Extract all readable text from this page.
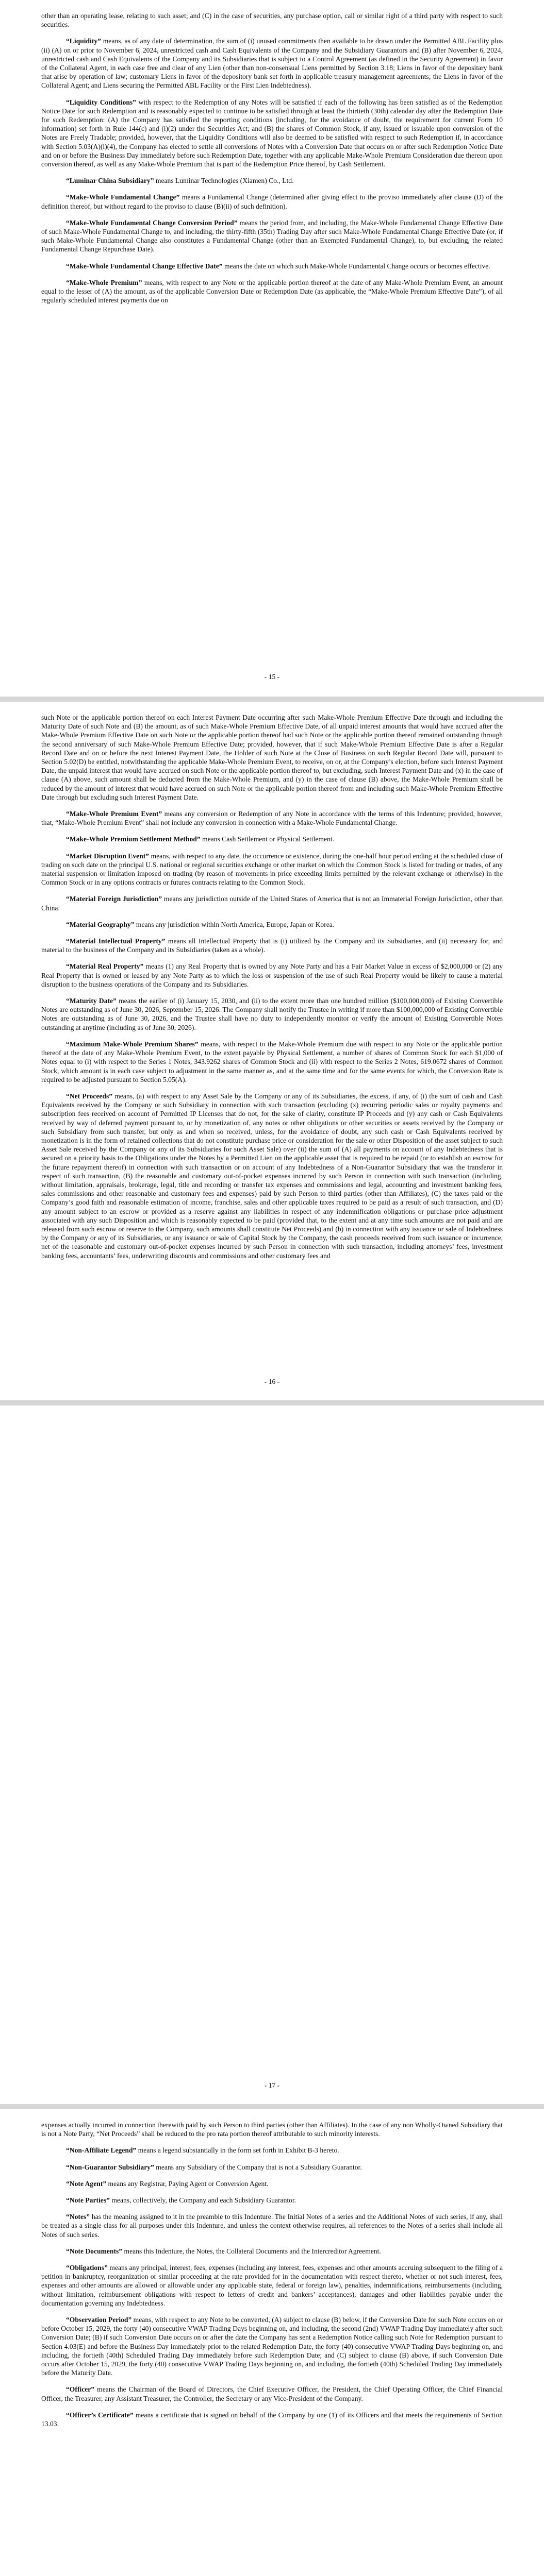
other than an operating lease, relating to such asset; and (C) in the case of securities, any purchase option, call or similar right of a third party with respect to such securities.

“Liquidity” means, as of any date of determination, the sum of (i) unused commitments then available to be drawn under the Permitted ABL Facility plus (ii) (A) on or prior to November 6, 2024, unrestricted cash and Cash Equivalents of the Company and the Subsidiary Guarantors and (B) after November 6, 2024, unrestricted cash and Cash Equivalents of the Company and its Subsidiaries that is subject to a Control Agreement (as defined in the Security Agreement) in favor of the Collateral Agent, in each case free and clear of any Lien (other than non-consensual Liens permitted by Section 3.18; Liens in favor of the depositary bank that arise by operation of law; customary Liens in favor of the depository bank set forth in applicable treasury management agreements; the Liens in favor of the Collateral Agent; and Liens securing the Permitted ABL Facility or the First Lien Indebtedness).

“Liquidity Conditions” with respect to the Redemption of any Notes will be satisfied if each of the following has been satisfied as of the Redemption Notice Date for such Redemption and is reasonably expected to continue to be satisfied through at least the thirtieth (30th) calendar day after the Redemption Date for such Redemption: (A) the Company has satisfied the reporting conditions (including, for the avoidance of doubt, the requirement for current Form 10 information) set forth in Rule 144(c) and (i)(2) under the Securities Act; and (B) the shares of Common Stock, if any, issued or issuable upon conversion of the Notes are Freely Tradable; provided, however, that the Liquidity Conditions will also be deemed to be satisfied with respect to such Redemption if, in accordance with Section 5.03(A)(i)(4), the Company has elected to settle all conversions of Notes with a Conversion Date that occurs on or after such Redemption Notice Date and on or before the Business Day immediately before such Redemption Date, together with any applicable Make-Whole Premium Consideration due thereon upon conversion thereof, as well as any Make-Whole Premium that is part of the Redemption Price thereof, by Cash Settlement.

“Luminar China Subsidiary” means Luminar Technologies (Xiamen) Co., Ltd.

“Make-Whole Fundamental Change” means a Fundamental Change (determined after giving effect to the proviso immediately after clause (D) of the definition thereof, but without regard to the proviso to clause (B)(ii) of such definition).

“Make-Whole Fundamental Change Conversion Period” means the period from, and including, the Make-Whole Fundamental Change Effective Date of such Make-Whole Fundamental Change to, and including, the thirty-fifth (35th) Trading Day after such Make-Whole Fundamental Change Effective Date (or, if such Make-Whole Fundamental Change also constitutes a Fundamental Change (other than an Exempted Fundamental Change), to, but excluding, the related Fundamental Change Repurchase Date).

“Make-Whole Fundamental Change Effective Date” means the date on which such Make-Whole Fundamental Change occurs or becomes effective.

“Make-Whole Premium” means, with respect to any Note or the applicable portion thereof at the date of any Make-Whole Premium Event, an amount equal to the lesser of (A) the amount, as of the applicable Conversion Date or Redemption Date (as applicable, the “Make-Whole Premium Effective Date”), of all regularly scheduled interest payments due on

- 15 -

such Note or the applicable portion thereof on each Interest Payment Date occurring after such Make-Whole Premium Effective Date through and including the Maturity Date of such Note and (B) the amount, as of such Make-Whole Premium Effective Date, of all unpaid interest amounts that would have accrued after the Make-Whole Premium Effective Date on such Note or the applicable portion thereof had such Note or the applicable portion thereof remained outstanding through the second anniversary of such Make-Whole Premium Effective Date; provided, however, that if such Make-Whole Premium Effective Date is after a Regular Record Date and on or before the next Interest Payment Date, the Holder of such Note at the Close of Business on such Regular Record Date will, pursuant to Section 5.02(D) be entitled, notwithstanding the applicable Make-Whole Premium Event, to receive, on or, at the Company’s election, before such Interest Payment Date, the unpaid interest that would have accrued on such Note or the applicable portion thereof to, but excluding, such Interest Payment Date and (x) in the case of clause (A) above, such amount shall be deducted from the Make-Whole Premium, and (y) in the case of clause (B) above, the Make-Whole Premium shall be reduced by the amount of interest that would have accrued on such Note or the applicable portion thereof from and including such Make-Whole Premium Effective Date through but excluding such Interest Payment Date.

“Make-Whole Premium Event” means any conversion or Redemption of any Note in accordance with the terms of this Indenture; provided, however, that, “Make-Whole Premium Event” shall not include any conversion in connection with a Make-Whole Fundamental Change.

“Make-Whole Premium Settlement Method” means Cash Settlement or Physical Settlement.

“Market Disruption Event” means, with respect to any date, the occurrence or existence, during the one-half hour period ending at the scheduled close of trading on such date on the principal U.S. national or regional securities exchange or other market on which the Common Stock is listed for trading or trades, of any material suspension or limitation imposed on trading (by reason of movements in price exceeding limits permitted by the relevant exchange or otherwise) in the Common Stock or in any options contracts or futures contracts relating to the Common Stock.

“Material Foreign Jurisdiction” means any jurisdiction outside of the United States of America that is not an Immaterial Foreign Jurisdiction, other than China.

“Material Geography” means any jurisdiction within North America, Europe, Japan or Korea.

“Material Intellectual Property” means all Intellectual Property that is (i) utilized by the Company and its Subsidiaries, and (ii) necessary for, and material to the business of the Company and its Subsidiaries (taken as a whole).

“Material Real Property” means (1) any Real Property that is owned by any Note Party and has a Fair Market Value in excess of $2,000,000 or (2) any Real Property that is owned or leased by any Note Party as to which the loss or suspension of the use of such Real Property would be likely to cause a material disruption to the business operations of the Company and its Subsidiaries.

“Maturity Date” means the earlier of (i) January 15, 2030, and (ii) to the extent more than one hundred million ($100,000,000) of Existing Convertible Notes are outstanding as of June 30, 2026, September 15, 2026. The Company shall notify the Trustee in writing if more than $100,000,000 of Existing Convertible Notes are outstanding as of June 30, 2026, and the Trustee shall have no duty to independently monitor or verify the amount of Existing Convertible Notes outstanding at anytime (including as of June 30, 2026).

“Maximum Make-Whole Premium Shares” means, with respect to the Make-Whole Premium due with respect to any Note or the applicable portion thereof at the date of any Make-Whole Premium Event, to the extent payable by Physical Settlement, a number of shares of Common Stock for each $1,000 of Notes equal to (i) with respect to the Series 1 Notes, 343.9262 shares of Common Stock and (ii) with respect to the Series 2 Notes, 619.0672 shares of Common Stock, which amount is in each case subject to adjustment in the same manner as, and at the same time and for the same events for which, the Conversion Rate is required to be adjusted pursuant to Section 5.05(A).

“Net Proceeds” means, (a) with respect to any Asset Sale by the Company or any of its Subsidiaries, the excess, if any, of (i) the sum of cash and Cash Equivalents received by the Company or such Subsidiary in connection with such transaction (excluding (x) recurring periodic sales or royalty payments and subscription fees received on account of Permitted IP Licenses that do not, for the sake of clarity, constitute IP Proceeds and (y) any cash or Cash Equivalents received by way of deferred payment pursuant to, or by monetization of, any notes or other obligations or other securities or assets received by the Company or such Subsidiary from such transfer, but only as and when so received, unless, for the avoidance of doubt, any such cash or Cash Equivalents received by monetization is in the form of retained collections that do not constitute purchase price or consideration for the sale or other Disposition of the asset subject to such Asset Sale received by the Company or any of its Subsidiaries for such Asset Sale) over (ii) the sum of (A) all payments on account of any Indebtedness that is secured on a priority basis to the Obligations under the Notes by a Permitted Lien on the applicable asset that is required to be repaid (or to establish an escrow for the future repayment thereof) in connection with such transaction or on account of any Indebtedness of a Non-Guarantor Subsidiary that was the transferor in respect of such transaction, (B) the reasonable and customary out-of-pocket expenses incurred by such Person in connection with such transaction (including, without limitation, appraisals, brokerage, legal, title and recording or transfer tax expenses and commissions and legal, accounting and investment banking fees, sales commissions and other reasonable and customary fees and expenses) paid by such Person to third parties (other than Affiliates), (C) the taxes paid or the Company’s good faith and reasonable estimation of income, franchise, sales and other applicable taxes required to be paid as a result of such transaction, and (D) any amount subject to an escrow or provided as a reserve against any liabilities in respect of any indemnification obligations or purchase price adjustment associated with any such Disposition and which is reasonably expected to be paid (provided that, to the extent and at any time such amounts are not paid and are released from such escrow or reserve to the Company, such amounts shall constitute Net Proceeds) and (b) in connection with any issuance or sale of Indebtedness by the Company or any of its Subsidiaries, or any issuance or sale of Capital Stock by the Company, the cash proceeds received from such issuance or incurrence, net of the reasonable and customary out-of-pocket expenses incurred by such Person in connection with such transaction, including attorneys’ fees, investment banking fees, accountants’ fees, underwriting discounts and commissions and other customary fees and

- 16 -
- 17 -

expenses actually incurred in connection therewith paid by such Person to third parties (other than Affiliates). In the case of any non Wholly-Owned Subsidiary that is not a Note Party, “Net Proceeds” shall be reduced to the pro rata portion thereof attributable to such minority interests.

“Non-Affiliate Legend” means a legend substantially in the form set forth in Exhibit B-3 hereto.

“Non-Guarantor Subsidiary” means any Subsidiary of the Company that is not a Subsidiary Guarantor.

“Note Agent” means any Registrar, Paying Agent or Conversion Agent.

“Note Parties” means, collectively, the Company and each Subsidiary Guarantor.

“Notes” has the meaning assigned to it in the preamble to this Indenture. The Initial Notes of a series and the Additional Notes of such series, if any, shall be treated as a single class for all purposes under this Indenture, and unless the context otherwise requires, all references to the Notes of a series shall include all Notes of such series.

“Note Documents” means this Indenture, the Notes, the Collateral Documents and the Intercreditor Agreement.

“Obligations” means any principal, interest, fees, expenses (including any interest, fees, expenses and other amounts accruing subsequent to the filing of a petition in bankruptcy, reorganization or similar proceeding at the rate provided for in the documentation with respect thereto, whether or not such interest, fees, expenses and other amounts are allowed or allowable under any applicable state, federal or foreign law), penalties, indemnifications, reimbursements (including, without limitation, reimbursement obligations with respect to letters of credit and bankers’ acceptances), damages and other liabilities payable under the documentation governing any Indebtedness.

“Observation Period” means, with respect to any Note to be converted, (A) subject to clause (B) below, if the Conversion Date for such Note occurs on or before October 15, 2029, the forty (40) consecutive VWAP Trading Days beginning on, and including, the second (2nd) VWAP Trading Day immediately after such Conversion Date; (B) if such Conversion Date occurs on or after the date the Company has sent a Redemption Notice calling such Note for Redemption pursuant to Section 4.03(E) and before the Business Day immediately prior to the related Redemption Date, the forty (40) consecutive VWAP Trading Days beginning on, and including, the fortieth (40th) Scheduled Trading Day immediately before such Redemption Date; and (C) subject to clause (B) above, if such Conversion Date occurs after October 15, 2029, the forty (40) consecutive VWAP Trading Days beginning on, and including, the fortieth (40th) Scheduled Trading Day immediately before the Maturity Date.

“Officer” means the Chairman of the Board of Directors, the Chief Executive Officer, the President, the Chief Operating Officer, the Chief Financial Officer, the Treasurer, any Assistant Treasurer, the Controller, the Secretary or any Vice-President of the Company.

“Officer’s Certificate” means a certificate that is signed on behalf of the Company by one (1) of its Officers and that meets the requirements of Section 13.03.
